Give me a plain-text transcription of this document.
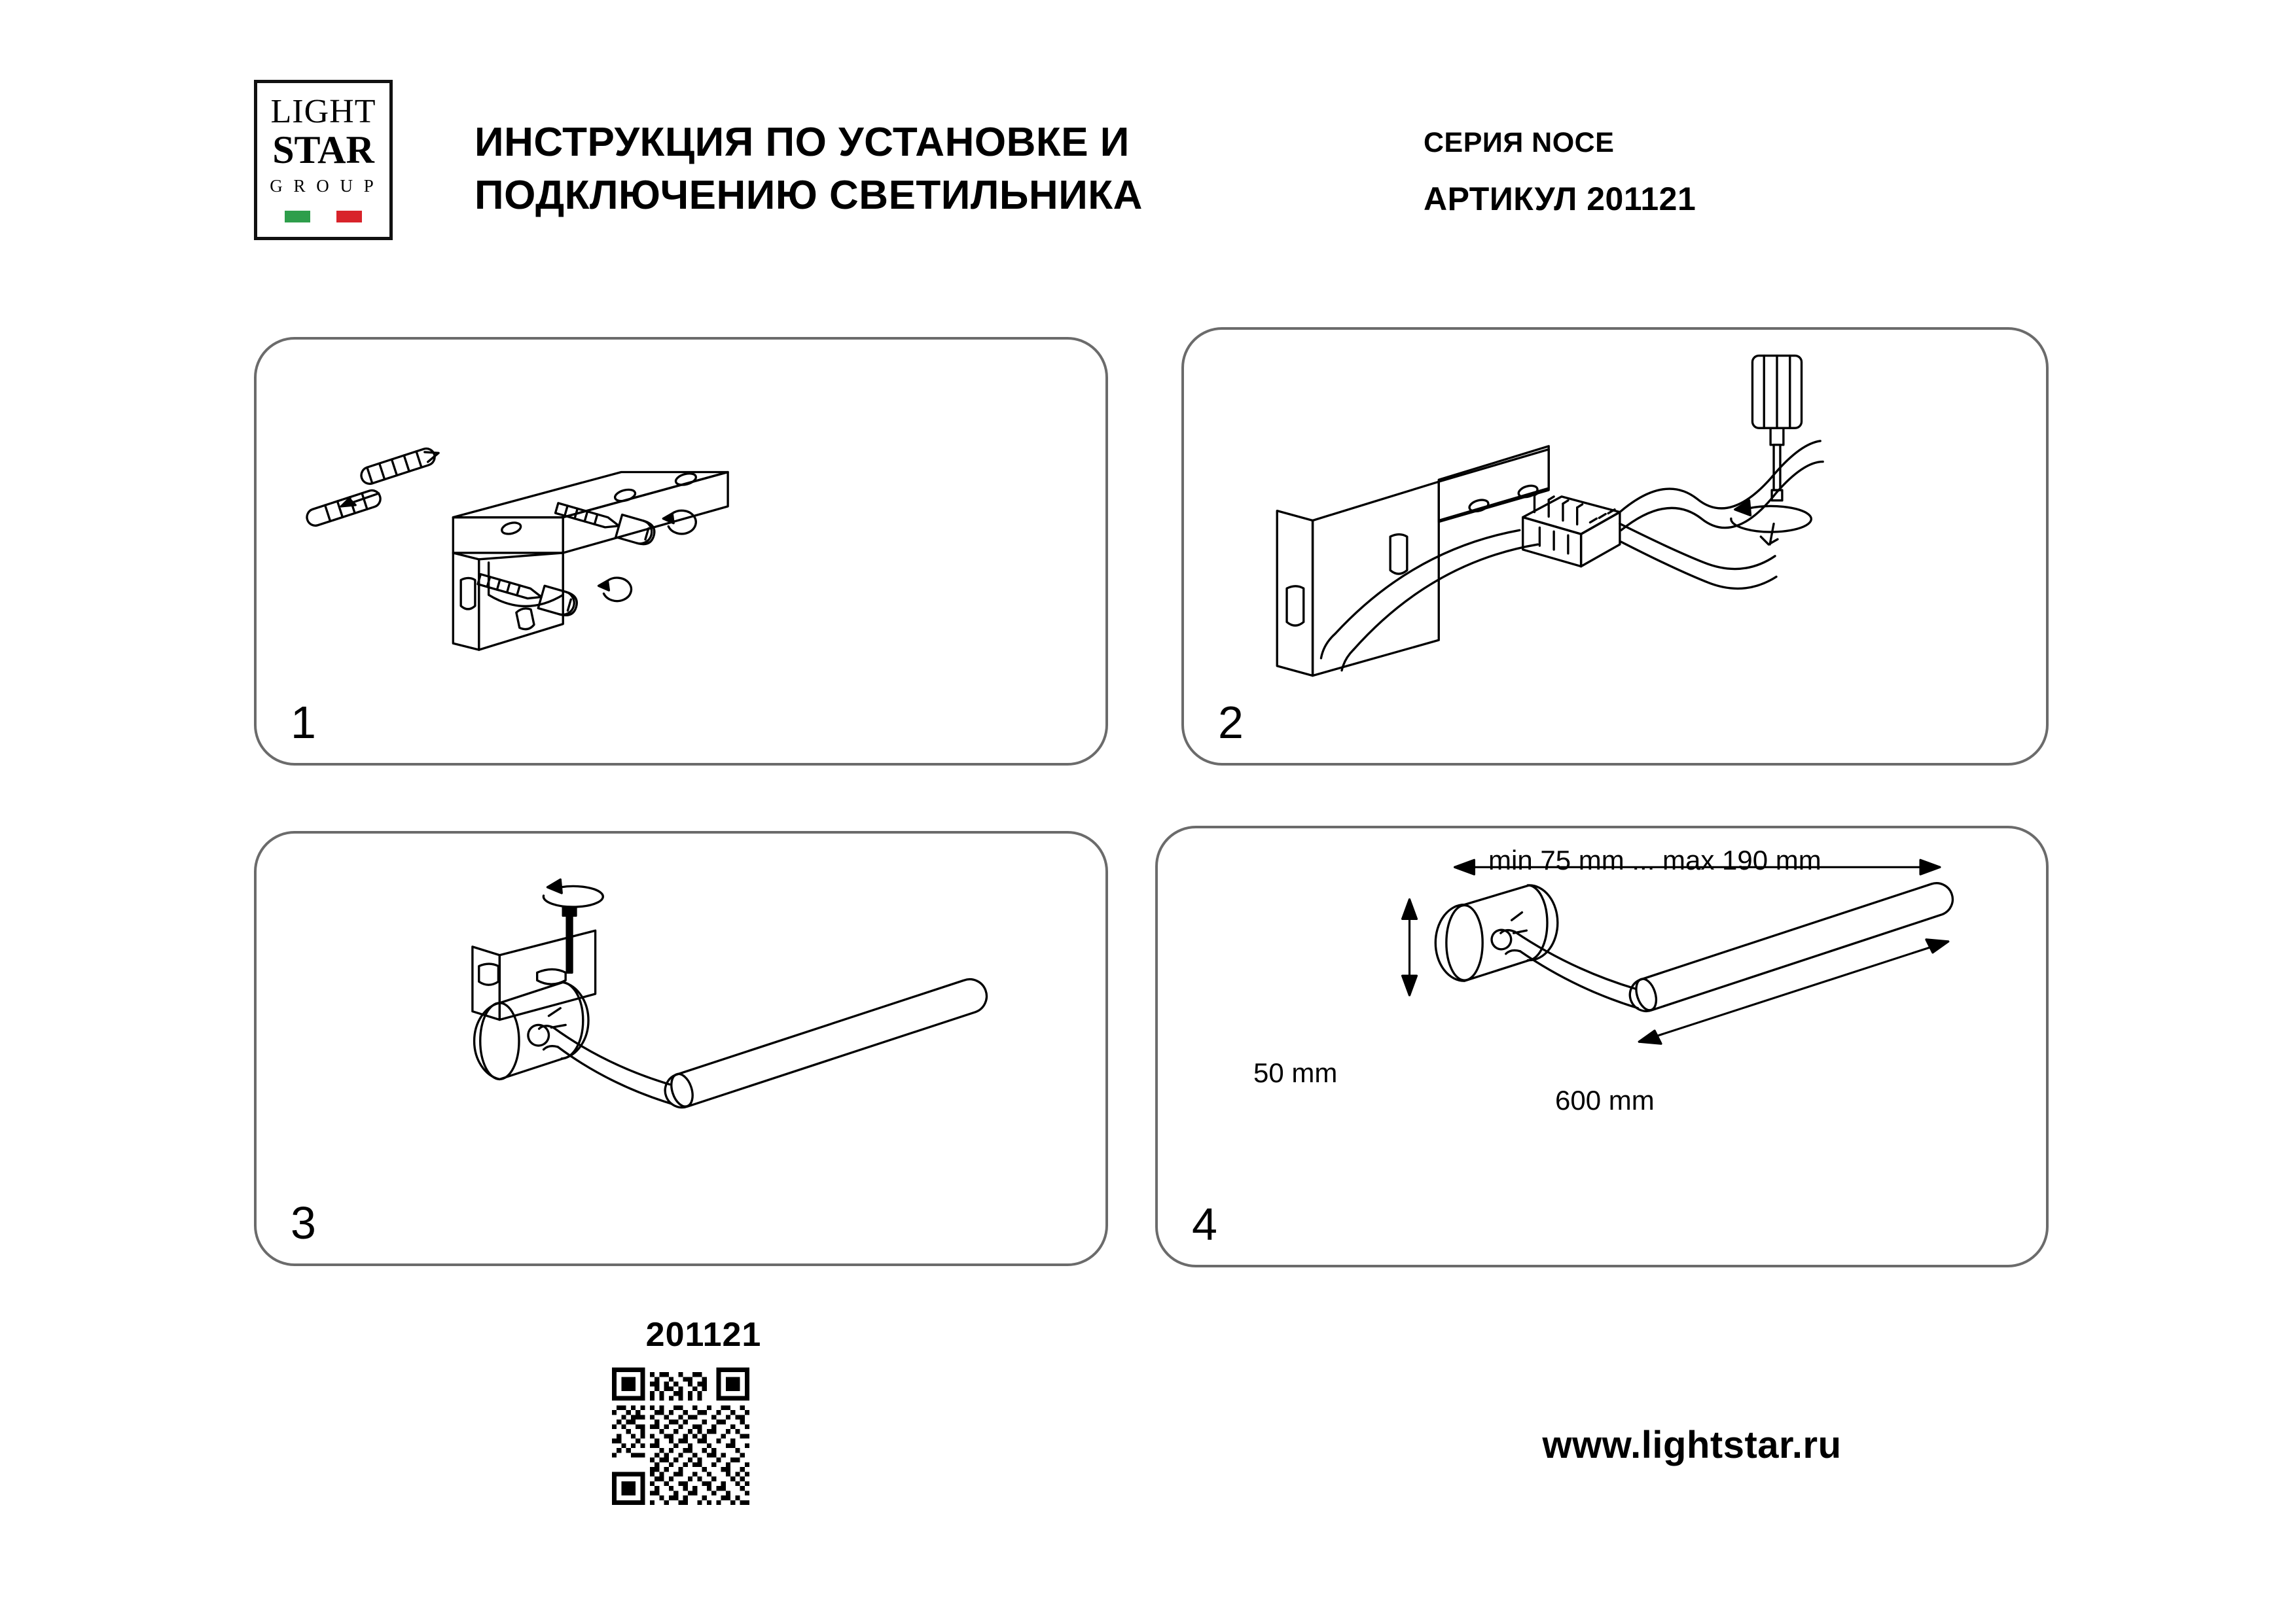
LIGHT
STAR
G R O U P
ИНСТРУКЦИЯ ПО УСТАНОВКЕ И
ПОДКЛЮЧЕНИЮ СВЕТИЛЬНИКА
СЕРИЯ NOCE
АРТИКУЛ 201121
1	2
3
min 75 mm ... max 190 mm
50 mm
600 mm
4
201121
www.lightstar.ru
